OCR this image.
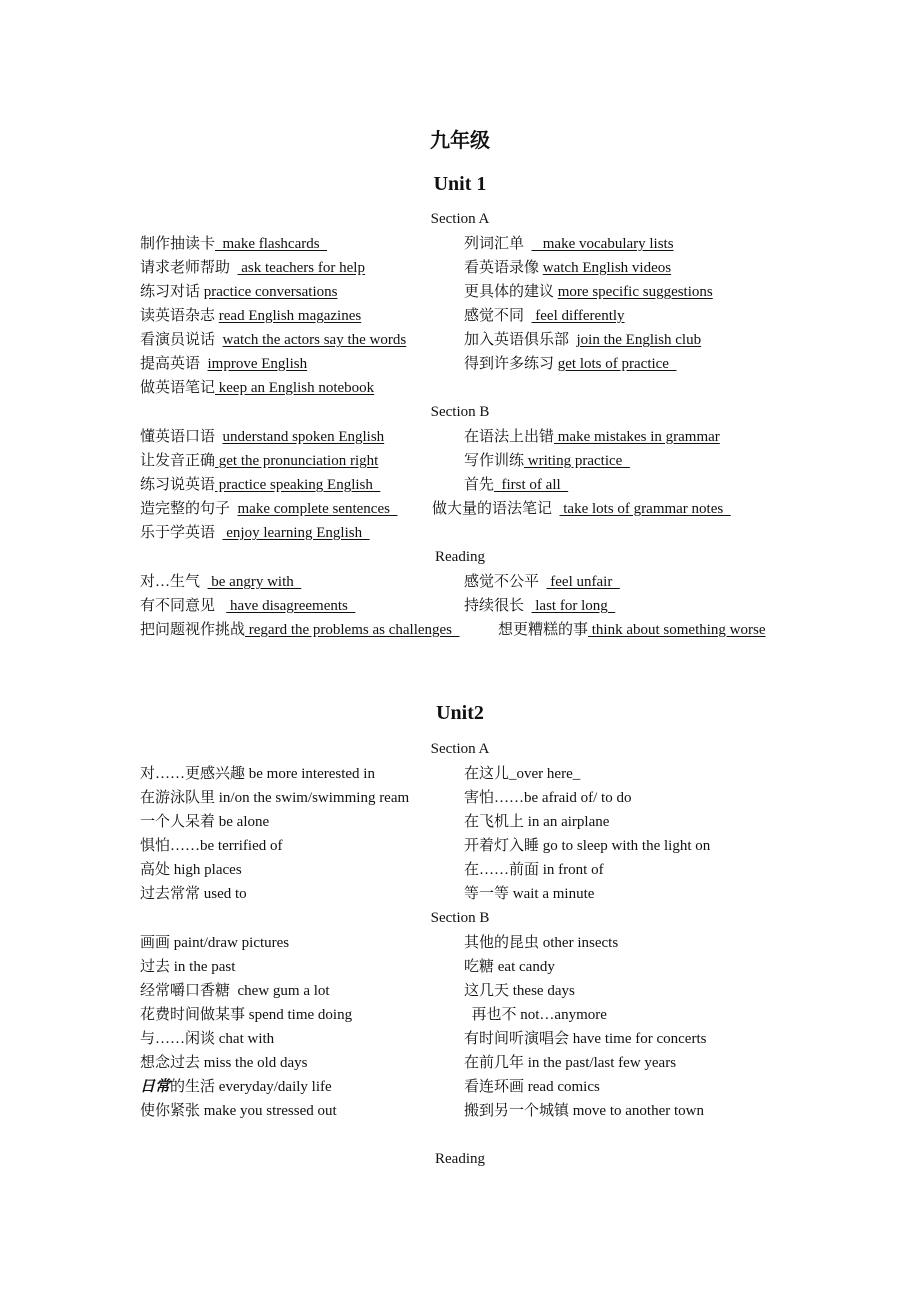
九年级
Unit 1
Section A
制作抽读卡  make flashcards	列词汇单     make vocabulary lists
请求老师帮助   ask teachers for help	看英语录像 watch English videos
练习对话 practice conversations	更具体的建议 more specific suggestions
读英语杂志 read English magazines	感觉不同   feel differently
看演员说话  watch the actors say the words	加入英语俱乐部  join the English club
提高英语  improve English	得到许多练习 get lots of practice
做英语笔记 keep an English notebook
Section B
懂英语口语  understand spoken English	在语法上出错 make mistakes in grammar
让发音正确 get the pronunciation right	写作训练 writing practice
练习说英语 practice speaking English	首先  first of all
造完整的句子  make complete sentences 做大量的语法笔记   take lots of grammar notes
乐于学英语   enjoy learning English
Reading
对…生气   be angry with	感觉不公平   feel unfair
有不同意见    have disagreements	持续很长   last for long
把问题视作挑战 regard the problems as challenges	想更糟糕的事 think about something worse
Unit2
Section A
对……更感兴趣 be more interested in	在这儿_over here_
在游泳队里 in/on the swim/swimming ream	害怕……be afraid of/ to do
一个人呆着 be alone	在飞机上 in an airplane
惧怕……be terrified of	开着灯入睡 go to sleep with the light on
高处 high places	在……前面 in front of
过去常常 used to	等一等 wait a minute
Section B
画画 paint/draw pictures	其他的昆虫 other insects
过去 in the past	吃糖 eat candy
经常嚼口香糖  chew gum a lot	这几天 these days
花费时间做某事 spend time doing	再也不 not…anymore
与……闲谈 chat with	有时间听演唱会 have time for concerts
想念过去 miss the old days	在前几年 in the past/last few years
日常的生活 everyday/daily life	看连环画 read comics
使你紧张 make you stressed out	搬到另一个城镇 move to another town
Reading
